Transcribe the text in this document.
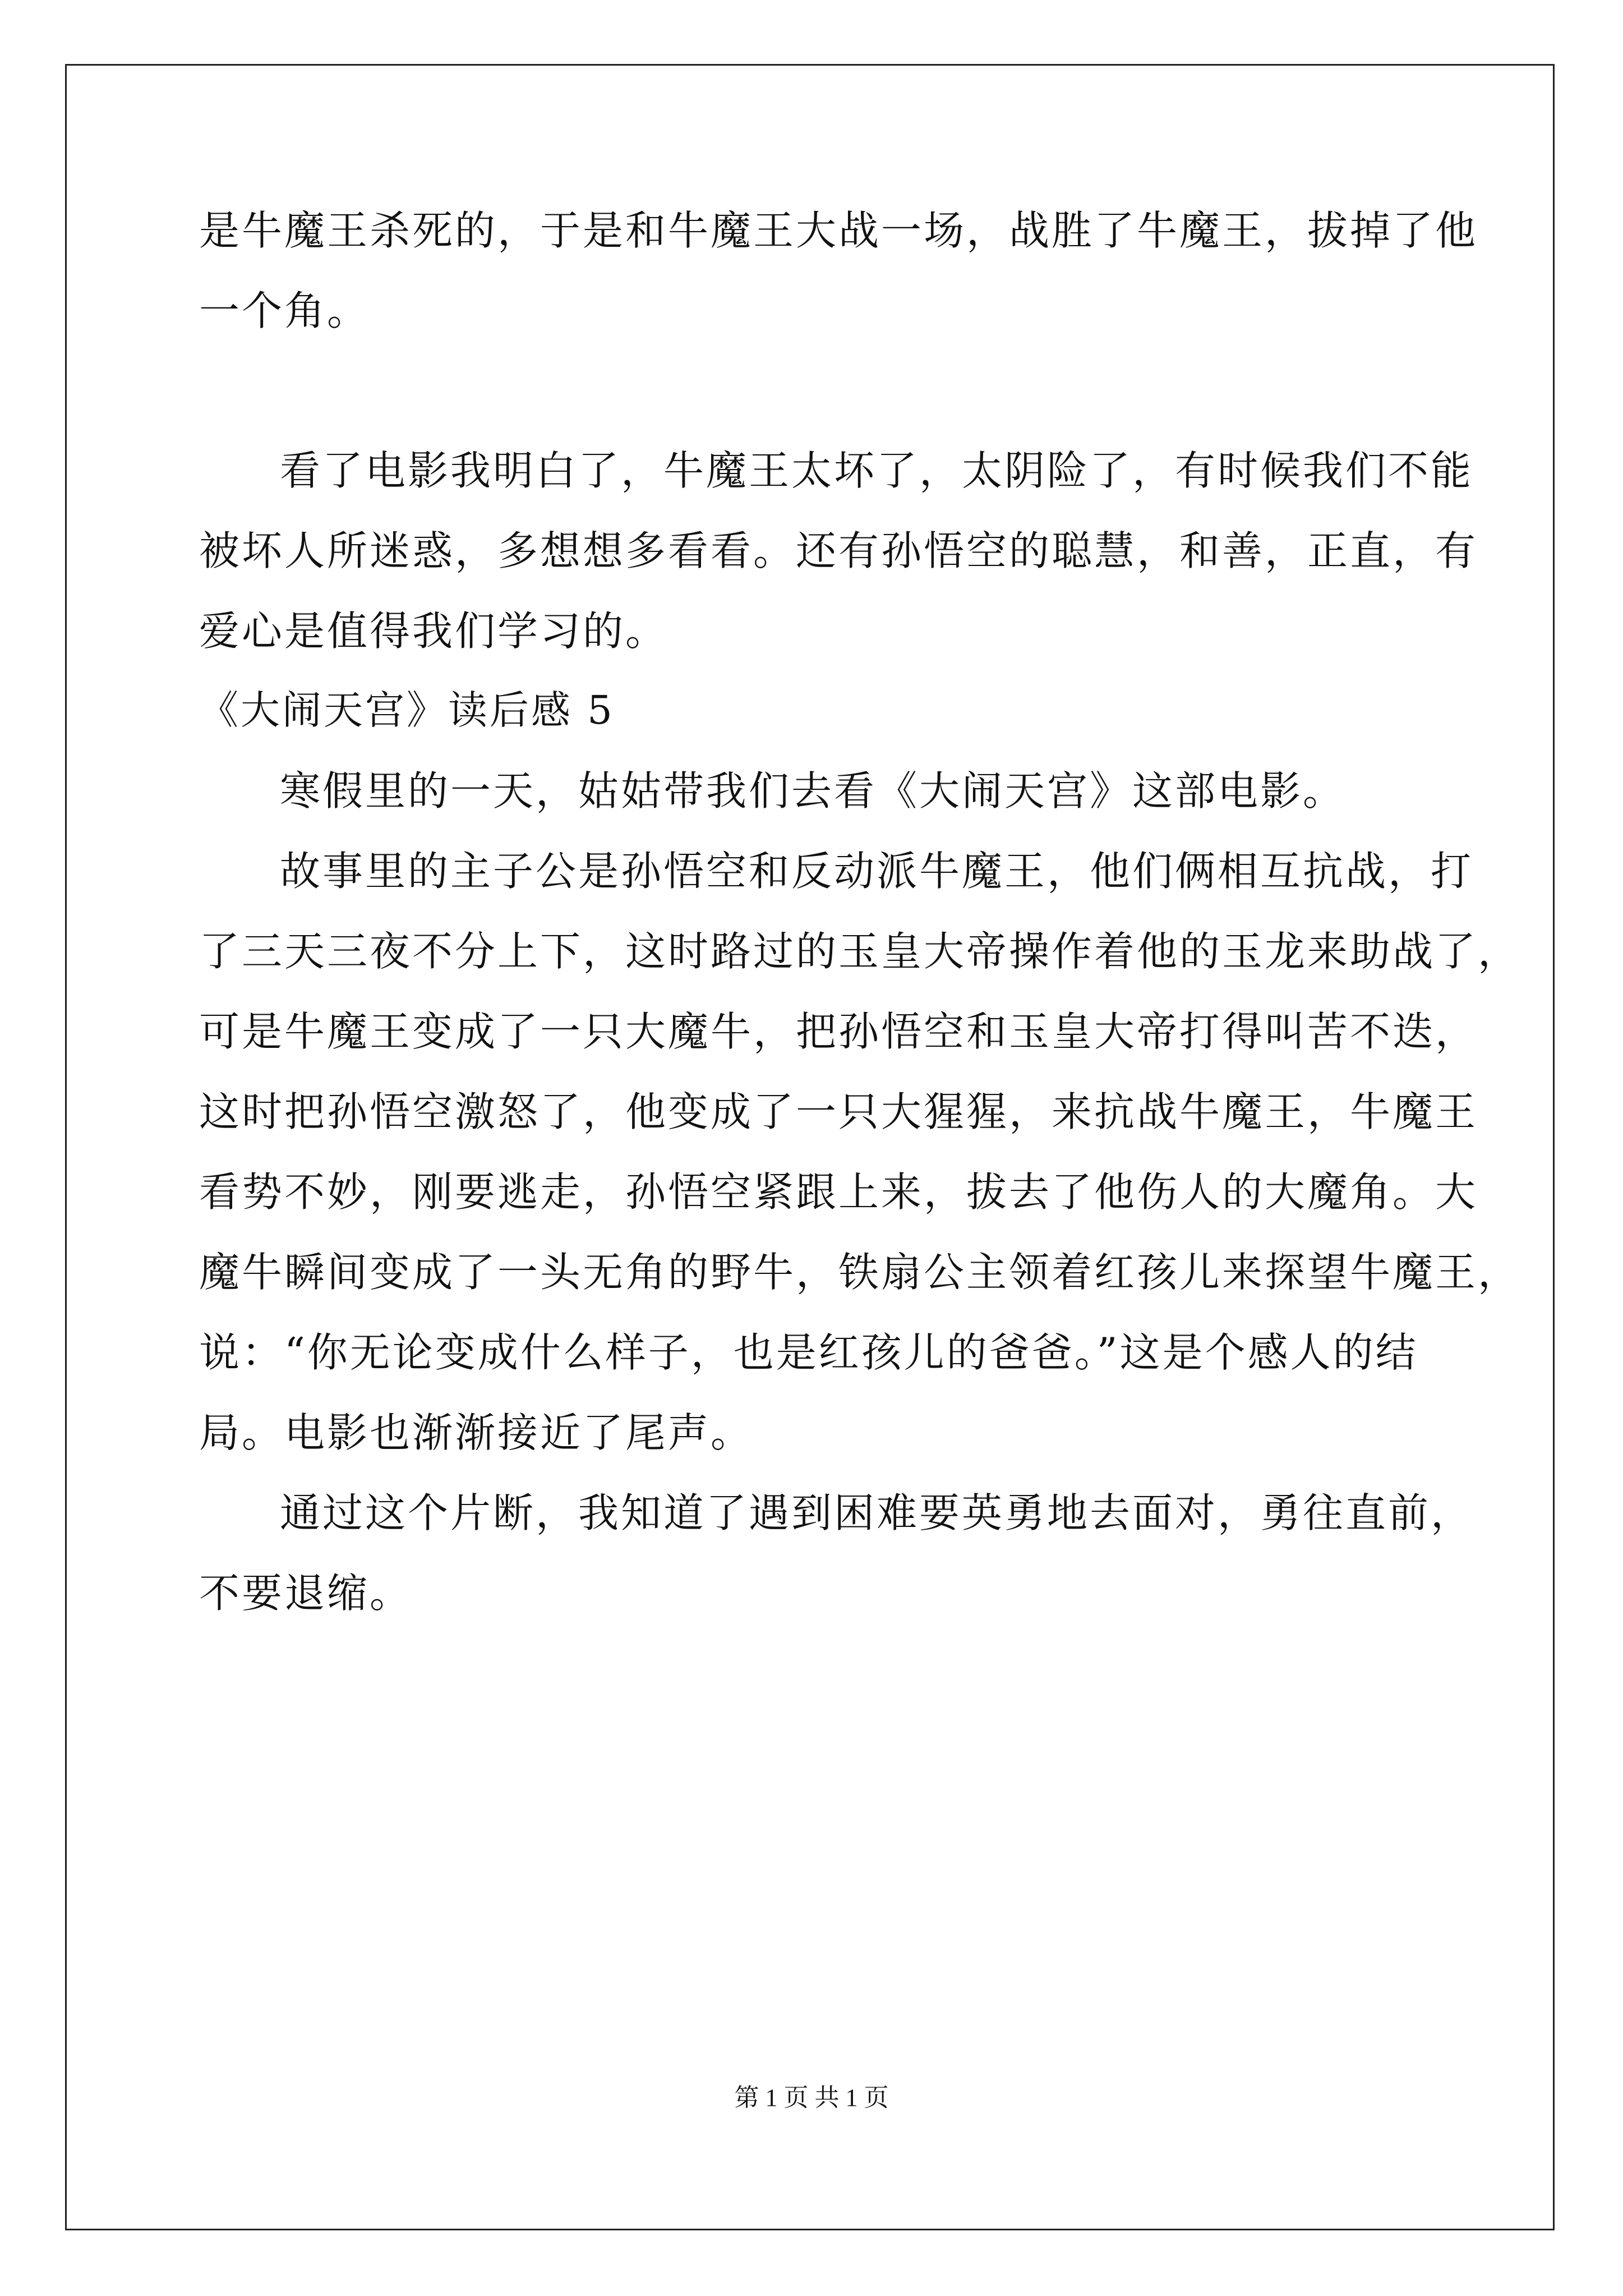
是牛魔王杀死的，于是和牛魔王大战一场，战胜了牛魔王，拔掉了他
一个角。
看了电影我明白了，牛魔王太坏了，太阴险了，有时候我们不能
被坏人所迷惑，多想想多看看。还有孙悟空的聪慧，和善，正直，有
爱心是值得我们学习的。
《大闹天宫》读后感 5
寒假里的一天，姑姑带我们去看《大闹天宫》这部电影。
故事里的主子公是孙悟空和反动派牛魔王，他们俩相互抗战，打
了三天三夜不分上下，这时路过的玉皇大帝操作着他的玉龙来助战了，
可是牛魔王变成了一只大魔牛，把孙悟空和玉皇大帝打得叫苦不迭，
这时把孙悟空激怒了，他变成了一只大猩猩，来抗战牛魔王，牛魔王
看势不妙，刚要逃走，孙悟空紧跟上来，拔去了他伤人的大魔角。大
魔牛瞬间变成了一头无角的野牛，铁扇公主领着红孩儿来探望牛魔王，
说：“你无论变成什么样子，也是红孩儿的爸爸。”这是个感人的结
局。电影也渐渐接近了尾声。
通过这个片断，我知道了遇到困难要英勇地去面对，勇往直前，
不要退缩。
第 1 页 共 1 页
